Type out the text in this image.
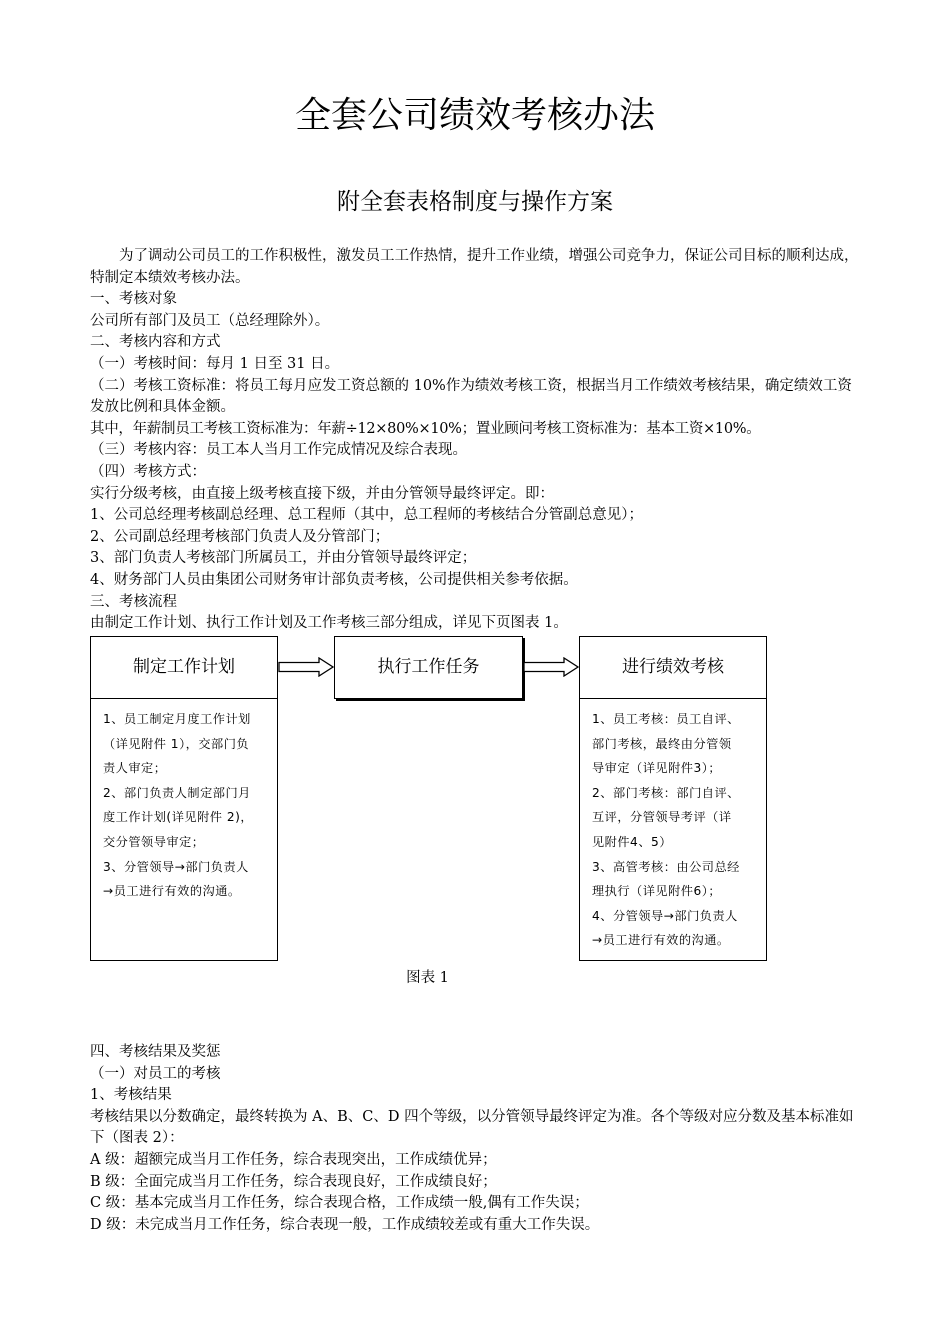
全套公司绩效考核办法
附全套表格制度与操作方案

为了调动公司员工的工作积极性，激发员工工作热情，提升工作业绩，增强公司竞争力，保证公司目标的顺利达成，特制定本绩效考核办法。

一、考核对象

公司所有部门及员工（总经理除外）。

二、考核内容和方式

（一）考核时间：每月 1 日至 31 日。

（二）考核工资标准：将员工每月应发工资总额的 10%作为绩效考核工资，根据当月工作绩效考核结果，确定绩效工资发放比例和具体金额。

其中，年薪制员工考核工资标准为：年薪÷12×80%×10%；置业顾问考核工资标准为：基本工资×10%。

（三）考核内容：员工本人当月工作完成情况及综合表现。

（四）考核方式：

实行分级考核，由直接上级考核直接下级，并由分管领导最终评定。即：

1、公司总经理考核副总经理、总工程师（其中，总工程师的考核结合分管副总意见）；

2、公司副总经理考核部门负责人及分管部门；

3、部门负责人考核部门所属员工，并由分管领导最终评定；

4、财务部门人员由集团公司财务审计部负责考核，公司提供相关参考依据。

三、考核流程

由制定工作计划、执行工作计划及工作考核三部分组成，详见下页图表 1。

制定工作计划

1、员工制定月度工作计划

（详见附件 1），交部门负

责人审定；

2、部门负责人制定部门月

度工作计划(详见附件 2)，

交分管领导审定；

3、分管领导→部门负责人

→员工进行有效的沟通。

执行工作任务	进行绩效考核

1、员工考核：员工自评、

部门考核，最终由分管领

导审定（详见附件3）；

2、部门考核：部门自评、

互评，分管领导考评（详

见附件4、5）

3、高管考核：由公司总经

理执行（详见附件6）；

4、分管领导→部门负责人

→员工进行有效的沟通。

图表 1

四、考核结果及奖惩

（一）对员工的考核

1、考核结果

考核结果以分数确定，最终转换为 A、B、C、D 四个等级，以分管领导最终评定为准。各个等级对应分数及基本标准如下（图表 2）：

A 级：超额完成当月工作任务，综合表现突出，工作成绩优异；

B 级：全面完成当月工作任务，综合表现良好，工作成绩良好；

C 级：基本完成当月工作任务，综合表现合格，工作成绩一般,偶有工作失误；

D 级：未完成当月工作任务，综合表现一般，工作成绩较差或有重大工作失误。
